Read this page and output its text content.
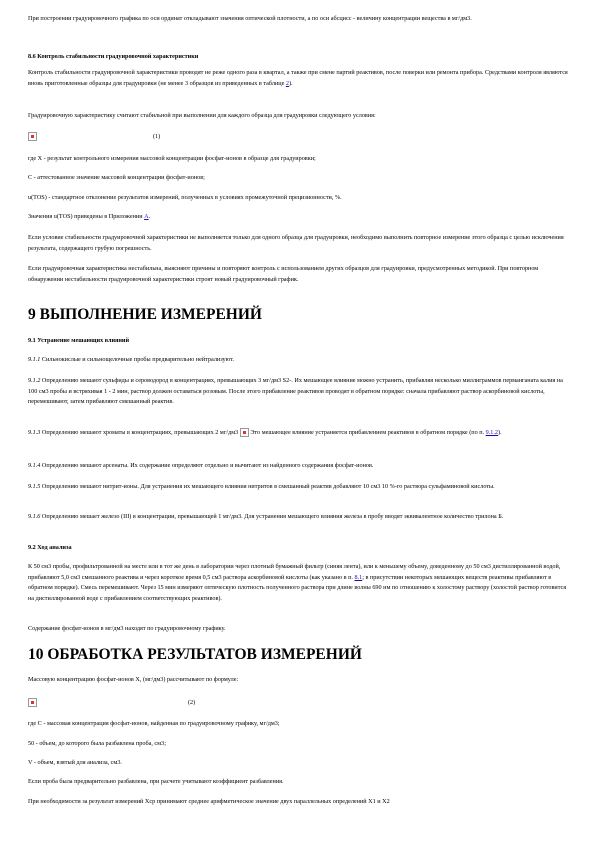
При построении градуировочного графика по оси ординат откладывают значения оптической плотности, а по оси абсцисс - величину концентрации вещества в мг/дм3.
8.6 Контроль стабильности градуировочной характеристики
Контроль стабильности градуировочной характеристики проводят не реже одного раза в квартал, а также при смене партий реактивов, после поверки или ремонта прибора. Средствами контроля являются вновь приготовленные образцы для градуировки (не менее 3 образцов из приведенных в таблице 2).
Градуировочную характеристику считают стабильной при выполнении для каждого образца для градуировки следующего условия:
(1)
где X - результат контрольного измерения массовой концентрации фосфат-ионов в образце для градуировки;
C - аттестованное значение массовой концентрации фосфат-ионов;
u(TOS) - стандартное отклонение результатов измерений, полученных в условиях промежуточной прецизионности, %.
Значения u(TOS) приведены в Приложении А.
Если условие стабильности градуировочной характеристики не выполняется только для одного образца для градуировки, необходимо выполнить повторное измерение этого образца с целью исключения результата, содержащего грубую погрешность.
Если градуировочная характеристика нестабильна, выясняют причины и повторяют контроль с использованием других образцов для градуировки, предусмотренных методикой. При повторном обнаружении нестабильности градуировочной характеристики строят новый градуировочный график.
9 ВЫПОЛНЕНИЕ ИЗМЕРЕНИЙ
9.1 Устранение мешающих влияний
9.1.1 Сильнокислые и сильнощелочные пробы предварительно нейтрализуют.
9.1.2 Определению мешают сульфиды и сероводород в концентрациях, превышающих 3 мг/дм3 S2-. Их мешающее влияние можно устранить, прибавляя несколько миллиграммов перманганата калия на 100 см3 пробы и встряхивая 1 - 2 мин, раствор должен оставаться розовым. После этого прибавление реактивов проводят в обратном порядке: сначала прибавляют раствор аскорбиновой кислоты, перемешивают, затем прибавляют смешанный реактив.
9.1.3 Определению мешают хроматы в концентрациях, превышающих 2 мг/дм3 Это мешающее влияние устраняется прибавлением реактивов в обратном порядке (по п. 9.1.2).
9.1.4 Определению мешают арсенаты. Их содержание определяют отдельно и вычитают из найденного содержания фосфат-ионов.
9.1.5 Определению мешают нитрит-ионы. Для устранения их мешающего влияния нитритов в смешанный реактив добавляют 10 см3 10 %-го раствора сульфаминовой кислоты.
9.1.6 Определению мешает железо (III) в концентрации, превышающей 1 мг/дм3. Для устранения мешающего влияния железа в пробу вводят эквивалентное количество трилона Б.
9.2 Ход анализа
К 50 см3 пробы, профильтрованной на месте или в тот же день в лаборатории через плотный бумажный фильтр (синяя лента), или к меньшему объему, доведенному до 50 см3 дистиллированной водой, прибавляют 5,0 см3 смешанного реактива и через короткое время 0,5 см3 раствора аскорбиновой кислоты (как указано в п. 8.1; в присутствии некоторых мешающих веществ реактивы прибавляют в обратном порядке). Смесь перемешивают. Через 15 мин измеряют оптическую плотность полученного раствора при длине волны 690 нм по отношению к холостому раствору (холостой раствор готовится на дистиллированной воде с прибавлением соответствующих реактивов).
Содержание фосфат-ионов в мг/дм3 находят по градуировочному графику.
10 ОБРАБОТКА РЕЗУЛЬТАТОВ ИЗМЕРЕНИЙ
Массовую концентрацию фосфат-ионов X, (мг/дм3) рассчитывают по формуле:
(2)
где C - массовая концентрация фосфат-ионов, найденная по градуировочному графику, мг/дм3;
50 - объем, до которого была разбавлена проба, см3;
V - объем, взятый для анализа, см3.
Если проба была предварительно разбавлена, при расчете учитывают коэффициент разбавления.
При необходимости за результат измерений Xср принимают среднее арифметическое значение двух параллельных определений X1 и X2
